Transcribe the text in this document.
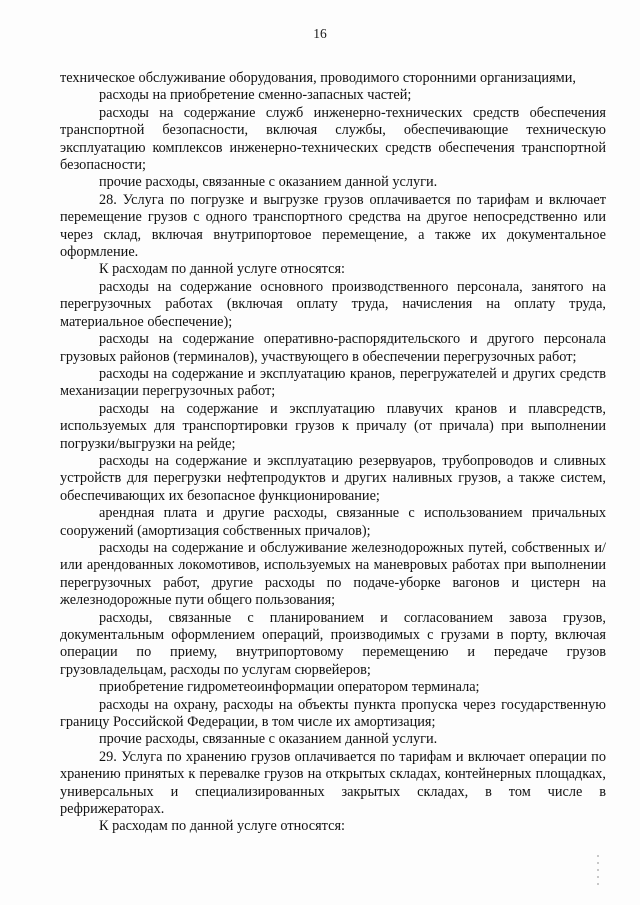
16

техническое обслуживание оборудования, проводимого сторонними организациями,

расходы на приобретение сменно-запасных частей;

расходы на содержание служб инженерно-технических средств обеспечения транспортной безопасности, включая службы, обеспечивающие техническую эксплуатацию комплексов инженерно-технических средств обеспечения транспортной безопасности;

прочие расходы, связанные с оказанием данной услуги.

28. Услуга по погрузке и выгрузке грузов оплачивается по тарифам и включает перемещение грузов с одного транспортного средства на другое непосредственно или через склад, включая внутрипортовое перемещение, а также их документальное оформление.

К расходам по данной услуге относятся:

расходы на содержание основного производственного персонала, занятого на перегрузочных работах (включая оплату труда, начисления на оплату труда, материальное обеспечение);

расходы на содержание оперативно-распорядительского и другого персонала грузовых районов (терминалов), участвующего в обеспечении перегрузочных работ;

расходы на содержание и эксплуатацию кранов, перегружателей и других средств механизации перегрузочных работ;

расходы на содержание и эксплуатацию плавучих кранов и плавсредств, используемых для транспортировки грузов к причалу (от причала) при выполнении погрузки/выгрузки на рейде;

расходы на содержание и эксплуатацию резервуаров, трубопроводов и сливных устройств для перегрузки нефтепродуктов и других наливных грузов, а также систем, обеспечивающих их безопасное функционирование;

арендная плата и другие расходы, связанные с использованием причальных сооружений (амортизация собственных причалов);

расходы на содержание и обслуживание железнодорожных путей, собственных и/или арендованных локомотивов, используемых на маневровых работах при выполнении перегрузочных работ, другие расходы по подаче-уборке вагонов и цистерн на железнодорожные пути общего пользования;

расходы, связанные с планированием и согласованием завоза грузов, документальным оформлением операций, производимых с грузами в порту, включая операции по приему, внутрипортовому перемещению и передаче грузов грузовладельцам, расходы по услугам сюрвейеров;

приобретение гидрометеоинформации оператором терминала;

расходы на охрану, расходы на объекты пункта пропуска через государственную границу Российской Федерации, в том числе их амортизация;

прочие расходы, связанные с оказанием данной услуги.

29. Услуга по хранению грузов оплачивается по тарифам и включает операции по хранению принятых к перевалке грузов на открытых складах, контейнерных площадках, универсальных и специализированных закрытых складах, в том числе в рефрижераторах.

К расходам по данной услуге относятся:
